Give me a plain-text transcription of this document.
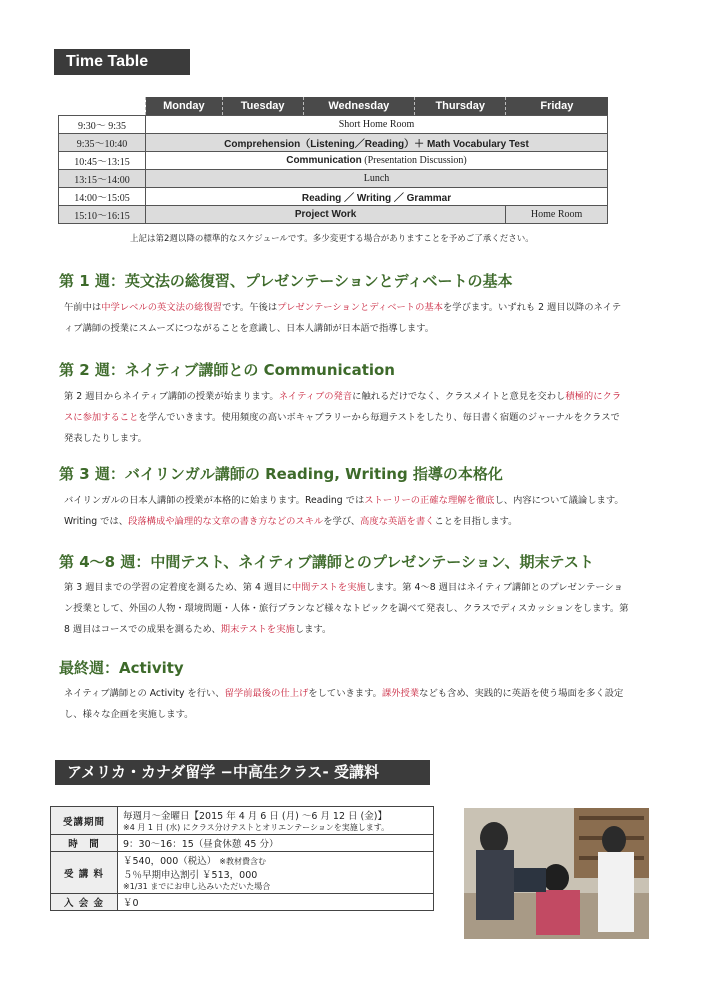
Time Table
	Monday	Tuesday	Wednesday	Thursday	Friday
9:30〜 9:35	Short Home Room				
9:35〜10:40	Comprehension（Listening／Reading）＋ Math Vocabulary Test				
10:45〜13:15	Communication (Presentation Discussion)				
13:15〜14:00	Lunch				
14:00〜15:05	Reading ／ Writing ／ Grammar				
15:10〜16:15	Project Work				Home Room
上記は第2週以降の標準的なスケジュールです。多少変更する場合がありますことを予めご了承ください。
第 1 週：英文法の総復習、プレゼンテーションとディベートの基本

午前中は中学レベルの英文法の総復習です。午後はプレゼンテーションとディベートの基本を学びます。いずれも 2 週目以降のネイティブ講師の授業にスムーズにつながることを意識し、日本人講師が日本語で指導します。

第 2 週：ネイティブ講師との Communication

第 2 週目からネイティブ講師の授業が始まります。ネイティブの発音に触れるだけでなく、クラスメイトと意見を交わし積極的にクラスに参加することを学んでいきます。使用頻度の高いボキャブラリーから毎週テストをしたり、毎日書く宿題のジャーナルをクラスで発表したりします。

第 3 週：バイリンガル講師の Reading, Writing 指導の本格化

バイリンガルの日本人講師の授業が本格的に始まります。Reading ではストーリーの正確な理解を徹底し、内容について議論します。Writing では、段落構成や論理的な文章の書き方などのスキルを学び、高度な英語を書くことを目指します。

第 4〜8 週：中間テスト、ネイティブ講師とのプレゼンテーション、期末テスト

第 3 週目までの学習の定着度を測るため、第 4 週目に中間テストを実施します。第 4〜8 週目はネイティブ講師とのプレゼンテーション授業として、外国の人物・環境問題・人体・旅行プランなど様々なトピックを調べて発表し、クラスでディスカッションをします。第 8 週目はコースでの成果を測るため、期末テストを実施します。

最終週：Activity

ネイティブ講師との Activity を行い、留学前最後の仕上げをしていきます。課外授業なども含め、実践的に英語を使う場面を多く設定し、様々な企画を実施します。

アメリカ・カナダ留学 −中高生クラス- 受講料
受講期間	毎週月〜金曜日【2015 年 4 月 6 日 (月) 〜6 月 12 日 (金)】
※4 月 1 日 (水) にクラス分けテストとオリエンテーションを実施します。

時　間	9：30〜16：15（昼食休憩 45 分）
受 講 料	￥540，000（税込） ※教材費含む
５％早期申込割引 ￥513，000
※1/31 までにお申し込みいただいた場合

入 会 金	￥0
